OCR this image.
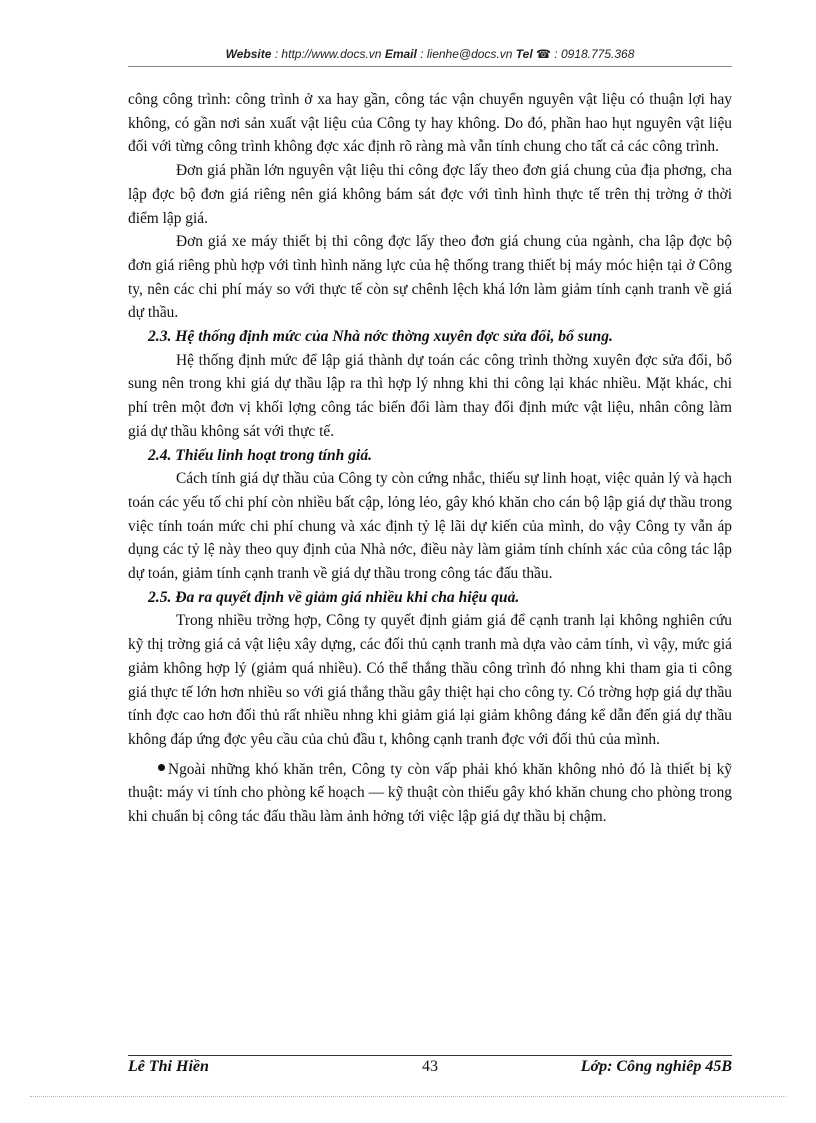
Website : http://www.docs.vn Email : lienhe@docs.vn Tel ☎ : 0918.775.368

công công trình: công trình ở xa hay gần, công tác vận chuyển nguyên vật liệu có thuận lợi hay không, có gần nơi sản xuất vật liệu của Công ty hay không. Do đó, phần hao hụt nguyên vật liệu đối với từng công trình không đợc xác định rõ ràng mà vẫn tính chung cho tất cả các công trình.

Đơn giá phần lớn nguyên vật liệu thi công đợc lấy theo đơn giá chung của địa phơng, cha lập đợc bộ đơn giá riêng nên giá không bám sát đợc với tình hình thực tế trên thị trờng ở thời điểm lập giá.

Đơn giá xe máy thiết bị thi công đợc lấy theo đơn giá chung của ngành, cha lập đợc bộ đơn giá riêng phù hợp với tình hình năng lực của hệ thống trang thiết bị máy móc hiện tại ở Công ty, nên các chi phí máy so với thực tế còn sự chênh lệch khá lớn làm giảm tính cạnh tranh về giá dự thầu.

2.3. Hệ thống định mức của Nhà nớc thờng xuyên đợc sửa đổi, bổ sung.

Hệ thống định mức để lập giá thành dự toán các công trình thờng xuyên đợc sửa đổi, bổ sung nên trong khi giá dự thầu lập ra thì hợp lý nhng khi thi công lại khác nhiều. Mặt khác, chi phí trên một đơn vị khối lợng công tác biến đổi làm thay đổi định mức vật liệu, nhân công làm giá dự thầu không sát với thực tế.

2.4. Thiếu linh hoạt trong tính giá.

Cách tính giá dự thầu của Công ty còn cứng nhắc, thiếu sự linh hoạt, việc quản lý và hạch toán các yếu tố chi phí còn nhiều bất cập, lỏng lẻo, gây khó khăn cho cán bộ lập giá dự thầu trong việc tính toán mức chi phí chung và xác định tỷ lệ lãi dự kiến của mình, do vậy Công ty vẫn áp dụng các tỷ lệ này theo quy định của Nhà nớc, điều này làm giảm tính chính xác của công tác lập dự toán, giảm tính cạnh tranh về giá dự thầu trong công tác đấu thầu.

2.5. Đa ra quyết định về giảm giá nhiều khi cha hiệu quả.

Trong nhiều trờng hợp, Công ty quyết định giảm giá để cạnh tranh lại không nghiên cứu kỹ thị trờng giá cả vật liệu xây dựng, các đối thủ cạnh tranh mà dựa vào cảm tính, vì vậy, mức giá giảm không hợp lý (giảm quá nhiều). Có thể thắng thầu công trình đó nhng khi tham gia ti công giá thực tế lớn hơn nhiều so với giá thắng thầu gây thiệt hại cho công ty. Có trờng hợp giá dự thầu tính đợc cao hơn đối thủ rất nhiều nhng khi giảm giá lại giảm không đáng kể dẫn đến giá dự thầu không đáp ứng đợc yêu cầu của chủ đầu t, không cạnh tranh đợc với đối thủ của mình.

Ngoài những khó khăn trên, Công ty còn vấp phải khó khăn không nhỏ đó là thiết bị kỹ thuật: máy vi tính cho phòng kế hoạch — kỹ thuật còn thiếu gây khó khăn chung cho phòng trong khi chuẩn bị công tác đấu thầu làm ảnh hởng tới việc lập giá dự thầu bị chậm.

Lê Thi Hiền	43	Lớp: Công nghiêp 45B
